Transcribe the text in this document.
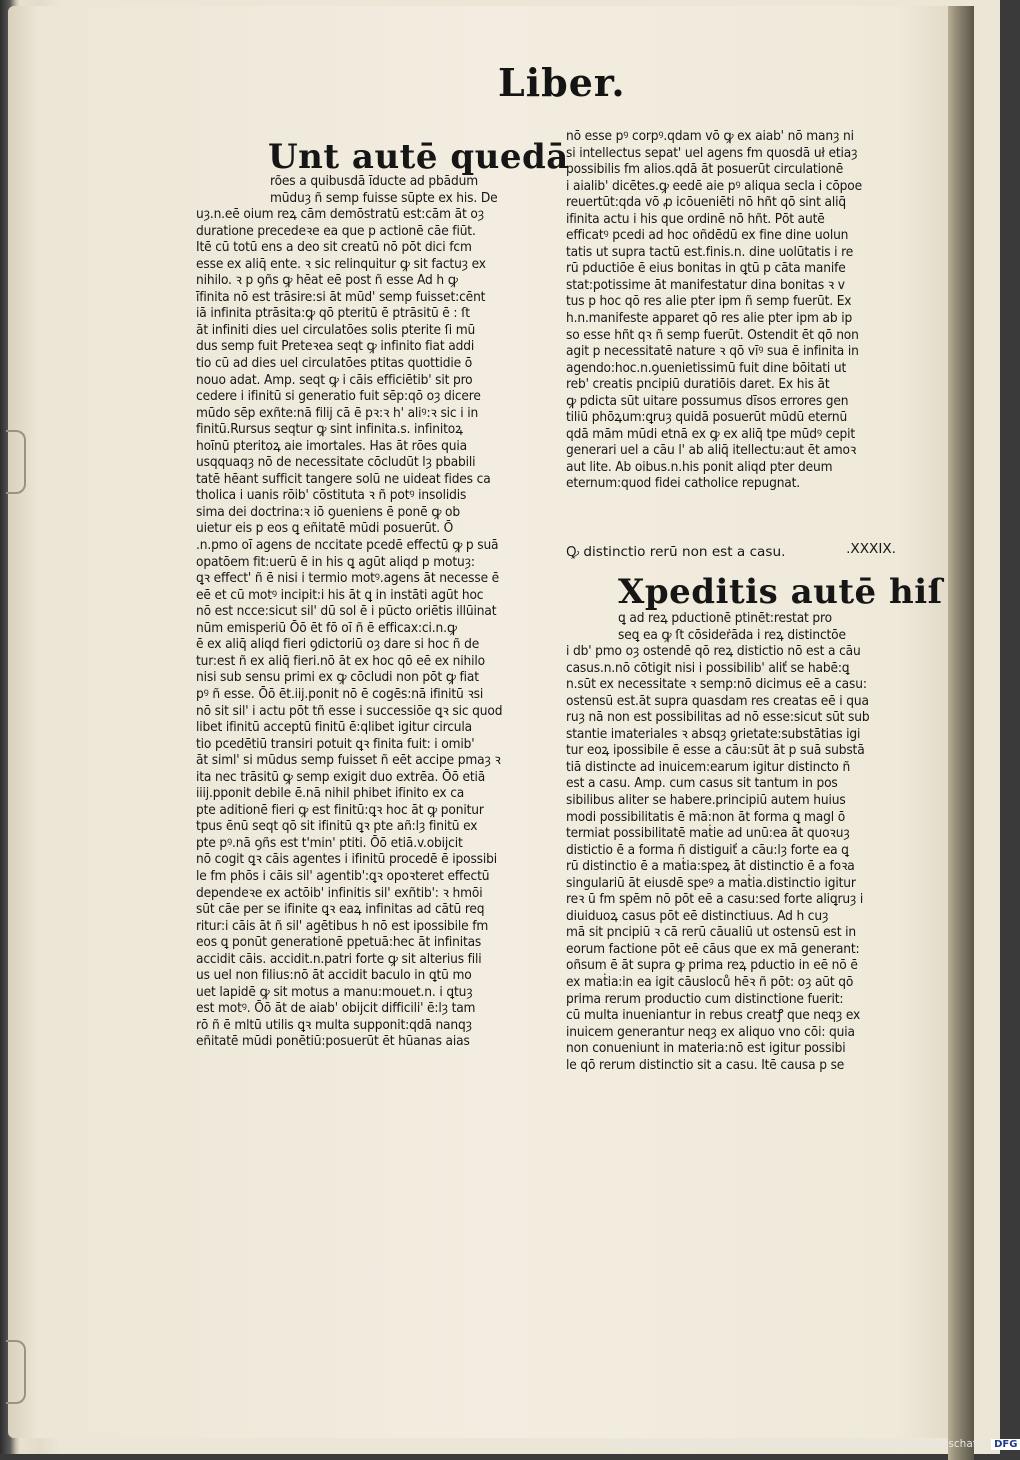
Liber.
Unt autē quedā
rões a quibusdā īducte ad pbādum
mūduȝ ñ semp fuisse sūpte ex his. De
uȝ.n.eē oium reꝝ cām demōstratū est:cām āt oȝ
duratione precedeꝛe ea que p actionē cāe fiūt.
Itē cū totū ens a deo sit creatū nō pōt dici fcm
esse ex aliq̄ ente. ꝛ sic relinquitur ꝙ sit factuȝ ex
nihilo. ꝛ p ꝯñs ꝙ hēat eē post ñ esse Ad h ꝙ
īfinita nō est trāsire:si āt mūd' semp fuisset:cēnt
iā infinita ptrāsita:ꝙ qō pteritū ē ptrāsitū ē : ſt
āt infiniti dies uel circulatōes solis pterite ſi mū
dus semp fuit Preteꝛea seqt ꝙ infinito fiat addi
tio cū ad dies uel circulatōes ptitas quottidie ō
nouo adat. Amp. seqt ꝙ i cāis efficiētib' sit pro
cedere i ifinitū si generatio fuit sēp:qō oȝ dicere
mūdo sēp exñte:nā filij cā ē pꝛ:ꝛ h' aliꝰ:ꝛ sic i in
finitū.Rursus seqtur ꝙ sint infinita.s. infinitoꝝ
hoīnū pteritoꝝ aie imortales. Has āt rōes quia
usqquaqȝ nō de necessitate cōcludūt lȝ pbabili
tatē hēant sufficit tangere solū ne uideat fides ca
tholica i uanis rōib' cōstituta ꝛ ñ potꝰ insolidis
sima dei doctrina:ꝛ iō ꝯueniens ē ponē ꝙ ob
uietur eis p eos ꝗ eñitatē mūdi posuerūt. Ō
.n.pmo oī agens de nccitate pcedē effectū ꝙ p suā
opatōem fit:uerū ē in his ꝗ agūt aliqd p motuȝ:
ꝗꝛ effect' ñ ē nisi i termio motꝰ.agens āt necesse ē
eē et cū motꝰ incipit:i his āt ꝗ in instāti agūt hoc
nō est ncce:sicut sil' dū sol ē i pūcto oriētis illūinat
nūm emisperiū Ōō ēt fō oī ñ ē efficax:ci.n.ꝙ
ē ex aliq̄ aliqd fieri ꝯdictoriū oȝ dare si hoc ñ de
tur:est ñ ex aliq̄ fieri.nō āt ex hoc qō eē ex nihilo
nisi sub sensu primi ex ꝙ cōcludi non pōt ꝙ fiat
pꝰ ñ esse. Ōō ēt.iij.ponit nō ē cogēs:nā ifinitū ꝛsi
nō sit sil' i actu pōt tñ esse i successiōe ꝗꝛ sic quod
libet ifinitū acceptū finitū ē:qlibet igitur circula
tio pcedētiū transiri potuit ꝗꝛ finita fuit: i omib'
āt siml' si mūdus semp fuisset ñ eēt accipe pmaȝ ꝛ
ita nec trāsitū ꝙ semp exigit duo extrēa. Ōō etiā
iiij.pponit debile ē.nā nihil phibet ifinito ex ca
pte aditionē fieri ꝙ est finitū:ꝗꝛ hoc āt ꝙ ponitur
tpus ēnū seqt qō sit ifinitū ꝗꝛ pte añ:lȝ finitū ex
pte pꝰ.nā ꝯñs est t'min' ptiti. Ōō etiā.v.obijcit
nō cogit ꝗꝛ cāis agentes i ifinitū procedē ē ipossibi
le fm phōs i cāis sil' agentib':ꝗꝛ opoꝛteret effectū
dependeꝛe ex actōib' infinitis sil' exñtib': ꝛ hmōi
sūt cāe per se ifinite ꝗꝛ eaꝝ infinitas ad cātū req
ritur:i cāis āt ñ sil' agētibus h nō est ipossibile fm
eos ꝗ ponūt generationē ppetuā:hec āt infinitas
accidit cāis. accidit.n.patri forte ꝙ sit alterius fili
us uel non filius:nō āt accidit baculo in ꝗtū mo
uet lapidē ꝙ sit motus a manu:mouet.n. i ꝗtuȝ
est motꝰ. Ōō āt de aiab' obijcit difficili' ē:lȝ tam
rō ñ ē mltū utilis ꝗꝛ multa supponit:qdā nanqȝ
eñitatē mūdi ponētiū:posuerūt ēt hūanas aias
nō esse pꝰ corpꝰ.qdam vō ꝙ ex aiab' nō manȝ ni
si intellectus sepat' uel agens fm quosdā uł etiaȝ
possibilis fm alios.qdā āt posuerūt circulationē
i aialib' dicētes.ꝙ eedē aie pꝰ aliqua secla i cōpoe
reuertūt:qda vō ꝓ icōueniēti nō hñt qō sint aliq̄
ifinita actu i his que ordinē nō hñt. Pōt autē
efficatꝰ pcedi ad hoc oñdēdū ex fine dine uolun
tatis ut supra tactū est.finis.n. dine uolūtatis i re
rū pductiōe ē eius bonitas in ꝗtū p cāta manife
stat:potissime āt manifestatur dina bonitas ꝛ v
tus p hoc qō res alie pter ipm ñ semp fuerūt. Ex
h.n.manifeste apparet qō res alie pter ipm ab ip
so esse hñt qꝛ ñ semp fuerūt. Ostendit ēt qō non
agit p necessitatē nature ꝛ qō vīꝰ sua ē infinita in
agendo:hoc.n.ꝯuenietissimū fuit dine bōitati ut
reb' creatis pncipiū duratiōis daret. Ex his āt
ꝙ pdicta sūt uitare possumus dīsos errores gen
tiliū phōꝝum:ꝗruȝ quidā posuerūt mūdū eternū
qdā mām mūdi etnā ex ꝙ ex aliq̄ tpe mūdꝰ cepit
generari uel a cāu l' ab aliq̄ itellectu:aut ēt amoꝛ
aut lite. Ab oibus.n.his ponit aliqd pter deum
eternum:quod fidei catholice repugnat.
Ꝙ distinctio rerū non est a casu.	.XXXIX.
Xpeditis autē hiſ
ꝗ ad reꝝ pductionē ptinēt:restat pro
seꝗ ea ꝙ ſt cōsideṙāda i reꝝ distinctōe
i db' pmo oȝ ostendē qō reꝝ distictio nō est a cāu
casus.n.nō cōtigit nisi i possibilib' aliť se habē:ꝗ
n.sūt ex necessitate ꝛ semp:nō dicimus eē a casu:
ostensū est.āt supra quasdam res creatas eē i qua
ruȝ nā non est possibilitas ad nō esse:sicut sūt sub
stantie imateriales ꝛ absqȝ ꝯrietate:substātias igi
tur eoꝝ ipossibile ē esse a cāu:sūt āt p suā substā
tiā distincte ad inuicem:earum igitur distincto ñ
est a casu. Amp. cum casus sit tantum in pos
sibilibus aliter se habere.principiū autem huius
modi possibilitatis ē mā:non āt forma ꝗ magl ō
termiat possibilitatē maṫie ad unū:ea āt quoꝛuȝ
distictio ē a forma ñ distiguiť a cāu:lȝ forte ea ꝗ
rū distinctio ē a maṫia:speꝝ āt distinctio ē a foꝛa
singulariū āt eiusdē speꝰ a maṫia.distinctio igitur
reꝛ ū fm spēm nō pōt eē a casu:sed forte aliꝗruȝ i
diuiduoꝝ casus pōt eē distinctiuus. Ad h cuȝ
mā sit pncipiū ꝛ cā rerū cāualiū ut ostensū est in
eorum factione pōt eē cāus que ex mā generant:
oñsum ē āt supra ꝙ prima reꝝ pductio in eē nō ē
ex maṫia:in ea igit cāusloců hēꝛ ñ pōt: oȝ aūt qō
prima rerum productio cum distinctione fuerit:
cū multa inueniantur in rebus creatꝭ que neqȝ ex
inuicem generantur neqȝ ex aliquo vno cōi: quia
non conueniunt in materia:nō est igitur possibi
le qō rerum distinctio sit a casu. Itē causa p se
Digitalisierung gefördert durch die Deutsche Forschungsgemeinschaft · DFG
